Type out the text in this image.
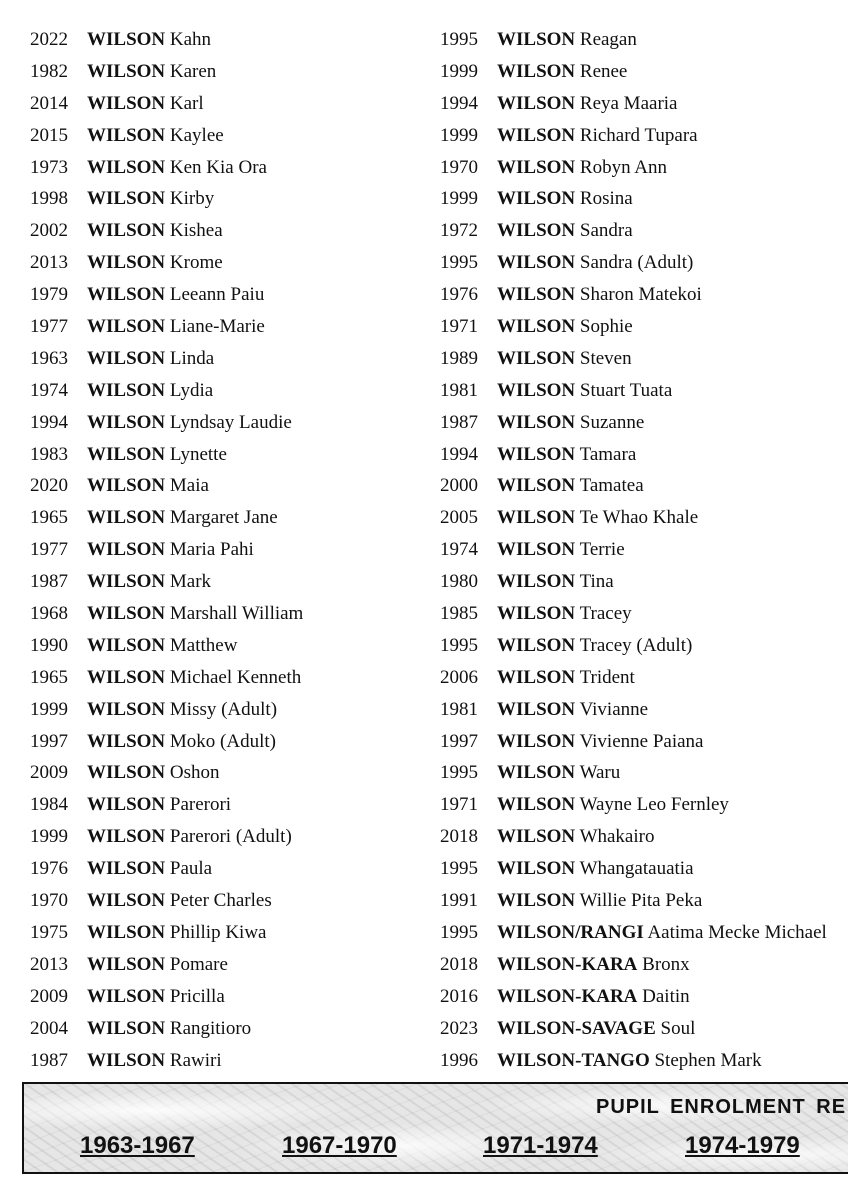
2022 WILSON Kahn
1982 WILSON Karen
2014 WILSON Karl
2015 WILSON Kaylee
1973 WILSON Ken Kia Ora
1998 WILSON Kirby
2002 WILSON Kishea
2013 WILSON Krome
1979 WILSON Leeann Paiu
1977 WILSON Liane-Marie
1963 WILSON Linda
1974 WILSON Lydia
1994 WILSON Lyndsay Laudie
1983 WILSON Lynette
2020 WILSON Maia
1965 WILSON Margaret Jane
1977 WILSON Maria Pahi
1987 WILSON Mark
1968 WILSON Marshall William
1990 WILSON Matthew
1965 WILSON Michael Kenneth
1999 WILSON Missy (Adult)
1997 WILSON Moko (Adult)
2009 WILSON Oshon
1984 WILSON Parerori
1999 WILSON Parerori (Adult)
1976 WILSON Paula
1970 WILSON Peter Charles
1975 WILSON Phillip Kiwa
2013 WILSON Pomare
2009 WILSON Pricilla
2004 WILSON Rangitioro
1987 WILSON Rawiri
1995 WILSON Reagan
1999 WILSON Renee
1994 WILSON Reya Maaria
1999 WILSON Richard Tupara
1970 WILSON Robyn Ann
1999 WILSON Rosina
1972 WILSON Sandra
1995 WILSON Sandra (Adult)
1976 WILSON Sharon Matekoi
1971 WILSON Sophie
1989 WILSON Steven
1981 WILSON Stuart Tuata
1987 WILSON Suzanne
1994 WILSON Tamara
2000 WILSON Tamatea
2005 WILSON Te Whao Khale
1974 WILSON Terrie
1980 WILSON Tina
1985 WILSON Tracey
1995 WILSON Tracey (Adult)
2006 WILSON Trident
1981 WILSON Vivianne
1997 WILSON Vivienne Paiana
1995 WILSON Waru
1971 WILSON Wayne Leo Fernley
2018 WILSON Whakairo
1995 WILSON Whangatauatia
1991 WILSON Willie Pita Peka
1995 WILSON/RANGI Aatima Mecke Michael
2018 WILSON-KARA Bronx
2016 WILSON-KARA Daitin
2023 WILSON-SAVAGE Soul
1996 WILSON-TANGO Stephen Mark
PUPIL ENROLMENT RE
1963-1967	1967-1970	1971-1974	1974-1979
